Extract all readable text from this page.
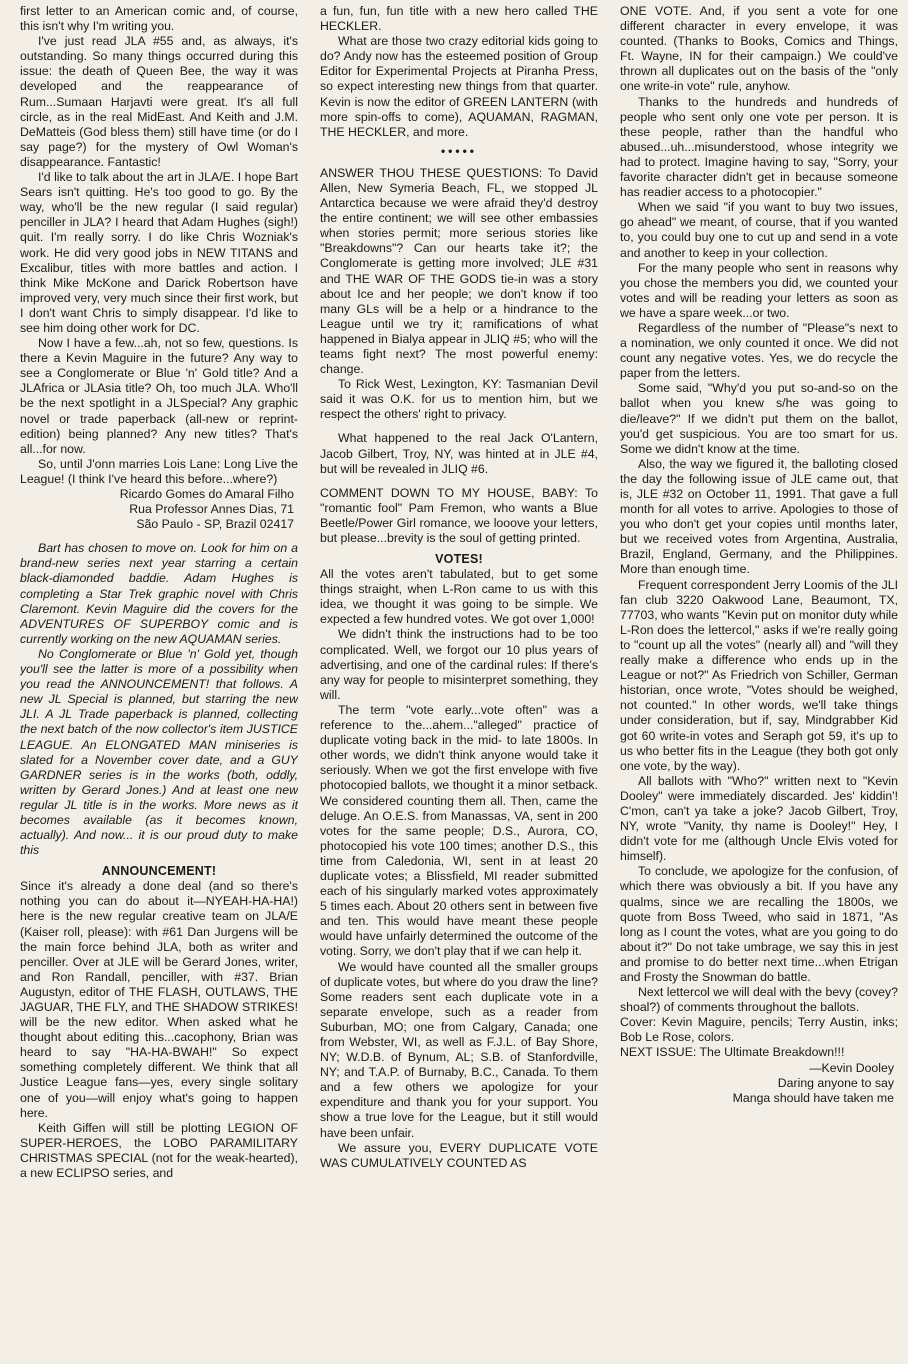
first letter to an American comic and, of course, this isn't why I'm writing you.

I've just read JLA #55 and, as always, it's outstanding. So many things occurred during this issue: the death of Queen Bee, the way it was developed and the reappearance of Rum...Sumaan Harjavti were great. It's all full circle, as in the real MidEast. And Keith and J.M. DeMatteis (God bless them) still have time (or do I say page?) for the mystery of Owl Woman's disappearance. Fantastic!

I'd like to talk about the art in JLA/E. I hope Bart Sears isn't quitting. He's too good to go. By the way, who'll be the new regular (I said regular) penciller in JLA? I heard that Adam Hughes (sigh!) quit. I'm really sorry. I do like Chris Wozniak's work. He did very good jobs in NEW TITANS and Excalibur, titles with more battles and action. I think Mike McKone and Darick Robertson have improved very, very much since their first work, but I don't want Chris to simply disappear. I'd like to see him doing other work for DC.

Now I have a few...ah, not so few, questions. Is there a Kevin Maguire in the future? Any way to see a Conglomerate or Blue 'n' Gold title? And a JLAfrica or JLAsia title? Oh, too much JLA. Who'll be the next spotlight in a JLSpecial? Any graphic novel or trade paperback (all-new or reprint-edition) being planned? Any new titles? That's all...for now.

So, until J'onn marries Lois Lane: Long Live the League! (I think I've heard this before...where?)

Ricardo Gomes do Amaral Filho
Rua Professor Annes Dias, 71
São Paulo - SP, Brazil 02417

Bart has chosen to move on. Look for him on a brand-new series next year starring a certain black-diamonded baddie. Adam Hughes is completing a Star Trek graphic novel with Chris Claremont. Kevin Maguire did the covers for the ADVENTURES OF SUPERBOY comic and is currently working on the new AQUAMAN series.

No Conglomerate or Blue 'n' Gold yet, though you'll see the latter is more of a possibility when you read the ANNOUNCEMENT! that follows. A new JL Special is planned, but starring the new JLI. A JL Trade paperback is planned, collecting the next batch of the now collector's item JUSTICE LEAGUE. An ELONGATED MAN miniseries is slated for a November cover date, and a GUY GARDNER series is in the works (both, oddly, written by Gerard Jones.) And at least one new regular JL title is in the works. More news as it becomes available (as it becomes known, actually). And now... it is our proud duty to make this

ANNOUNCEMENT!

Since it's already a done deal (and so there's nothing you can do about it—NYEAH-HA-HA!) here is the new regular creative team on JLA/E (Kaiser roll, please): with #61 Dan Jurgens will be the main force behind JLA, both as writer and penciller. Over at JLE will be Gerard Jones, writer, and Ron Randall, penciller, with #37. Brian Augustyn, editor of THE FLASH, OUTLAWS, THE JAGUAR, THE FLY, and THE SHADOW STRIKES! will be the new editor. When asked what he thought about editing this...cacophony, Brian was heard to say "HA-HA-BWAH!" So expect something completely different. We think that all Justice League fans—yes, every single solitary one of you—will enjoy what's going to happen here.

Keith Giffen will still be plotting LEGION OF SUPER-HEROES, the LOBO PARAMILITARY CHRISTMAS SPECIAL (not for the weak-hearted), a new ECLIPSO series, and

a fun, fun, fun title with a new hero called THE HECKLER.

What are those two crazy editorial kids going to do? Andy now has the esteemed position of Group Editor for Experimental Projects at Piranha Press, so expect interesting new things from that quarter. Kevin is now the editor of GREEN LANTERN (with more spin-offs to come), AQUAMAN, RAGMAN, THE HECKLER, and more.

•••••

ANSWER THOU THESE QUESTIONS: To David Allen, New Symeria Beach, FL, we stopped JL Antarctica because we were afraid they'd destroy the entire continent; we will see other embassies when stories permit; more serious stories like "Breakdowns"? Can our hearts take it?; the Conglomerate is getting more involved; JLE #31 and THE WAR OF THE GODS tie-in was a story about Ice and her people; we don't know if too many GLs will be a help or a hindrance to the League until we try it; ramifications of what happened in Bialya appear in JLIQ #5; who will the teams fight next? The most powerful enemy: change.

To Rick West, Lexington, KY: Tasmanian Devil said it was O.K. for us to mention him, but we respect the others' right to privacy.

What happened to the real Jack O'Lantern, Jacob Gilbert, Troy, NY, was hinted at in JLE #4, but will be revealed in JLIQ #6.

COMMENT DOWN TO MY HOUSE, BABY: To "romantic fool" Pam Fremon, who wants a Blue Beetle/Power Girl romance, we looove your letters, but please...brevity is the soul of getting printed.

VOTES!

All the votes aren't tabulated, but to get some things straight, when L-Ron came to us with this idea, we thought it was going to be simple. We expected a few hundred votes. We got over 1,000!

We didn't think the instructions had to be too complicated. Well, we forgot our 10 plus years of advertising, and one of the cardinal rules: If there's any way for people to misinterpret something, they will.

The term "vote early...vote often" was a reference to the...ahem..."alleged" practice of duplicate voting back in the mid- to late 1800s. In other words, we didn't think anyone would take it seriously. When we got the first envelope with five photocopied ballots, we thought it a minor setback. We considered counting them all. Then, came the deluge. An O.E.S. from Manassas, VA, sent in 200 votes for the same people; D.S., Aurora, CO, photocopied his vote 100 times; another D.S., this time from Caledonia, WI, sent in at least 20 duplicate votes; a Blissfield, MI reader submitted each of his singularly marked votes approximately 5 times each. About 20 others sent in between five and ten. This would have meant these people would have unfairly determined the outcome of the voting. Sorry, we don't play that if we can help it.

We would have counted all the smaller groups of duplicate votes, but where do you draw the line? Some readers sent each duplicate vote in a separate envelope, such as a reader from Suburban, MO; one from Calgary, Canada; one from Webster, WI, as well as F.J.L. of Bay Shore, NY; W.D.B. of Bynum, AL; S.B. of Stanfordville, NY; and T.A.P. of Burnaby, B.C., Canada. To them and a few others we apologize for your expenditure and thank you for your support. You show a true love for the League, but it still would have been unfair.

We assure you, EVERY DUPLICATE VOTE WAS CUMULATIVELY COUNTED AS

ONE VOTE. And, if you sent a vote for one different character in every envelope, it was counted. (Thanks to Books, Comics and Things, Ft. Wayne, IN for their campaign.) We could've thrown all duplicates out on the basis of the "only one write-in vote" rule, anyhow.

Thanks to the hundreds and hundreds of people who sent only one vote per person. It is these people, rather than the handful who abused...uh...misunderstood, whose integrity we had to protect. Imagine having to say, "Sorry, your favorite character didn't get in because someone has readier access to a photocopier."

When we said "if you want to buy two issues, go ahead" we meant, of course, that if you wanted to, you could buy one to cut up and send in a vote and another to keep in your collection.

For the many people who sent in reasons why you chose the members you did, we counted your votes and will be reading your letters as soon as we have a spare week...or two.

Regardless of the number of "Please"s next to a nomination, we only counted it once. We did not count any negative votes. Yes, we do recycle the paper from the letters.

Some said, "Why'd you put so-and-so on the ballot when you knew s/he was going to die/leave?" If we didn't put them on the ballot, you'd get suspicious. You are too smart for us. Some we didn't know at the time.

Also, the way we figured it, the balloting closed the day the following issue of JLE came out, that is, JLE #32 on October 11, 1991. That gave a full month for all votes to arrive. Apologies to those of you who don't get your copies until months later, but we received votes from Argentina, Australia, Brazil, England, Germany, and the Philippines. More than enough time.

Frequent correspondent Jerry Loomis of the JLI fan club 3220 Oakwood Lane, Beaumont, TX, 77703, who wants "Kevin put on monitor duty while L-Ron does the lettercol," asks if we're really going to "count up all the votes" (nearly all) and "will they really make a difference who ends up in the League or not?" As Friedrich von Schiller, German historian, once wrote, "Votes should be weighed, not counted." In other words, we'll take things under consideration, but if, say, Mindgrabber Kid got 60 write-in votes and Seraph got 59, it's up to us who better fits in the League (they both got only one vote, by the way).

All ballots with "Who?" written next to "Kevin Dooley" were immediately discarded. Jes' kiddin'! C'mon, can't ya take a joke? Jacob Gilbert, Troy, NY, wrote "Vanity, thy name is Dooley!" Hey, I didn't vote for me (although Uncle Elvis voted for himself).

To conclude, we apologize for the confusion, of which there was obviously a bit. If you have any qualms, since we are recalling the 1800s, we quote from Boss Tweed, who said in 1871, "As long as I count the votes, what are you going to do about it?" Do not take umbrage, we say this in jest and promise to do better next time...when Etrigan and Frosty the Snowman do battle.

Next lettercol we will deal with the bevy (covey? shoal?) of comments throughout the ballots.

Cover: Kevin Maguire, pencils; Terry Austin, inks; Bob Le Rose, colors.

NEXT ISSUE: The Ultimate Breakdown!!!

—Kevin Dooley
Daring anyone to say
Manga should have taken me
